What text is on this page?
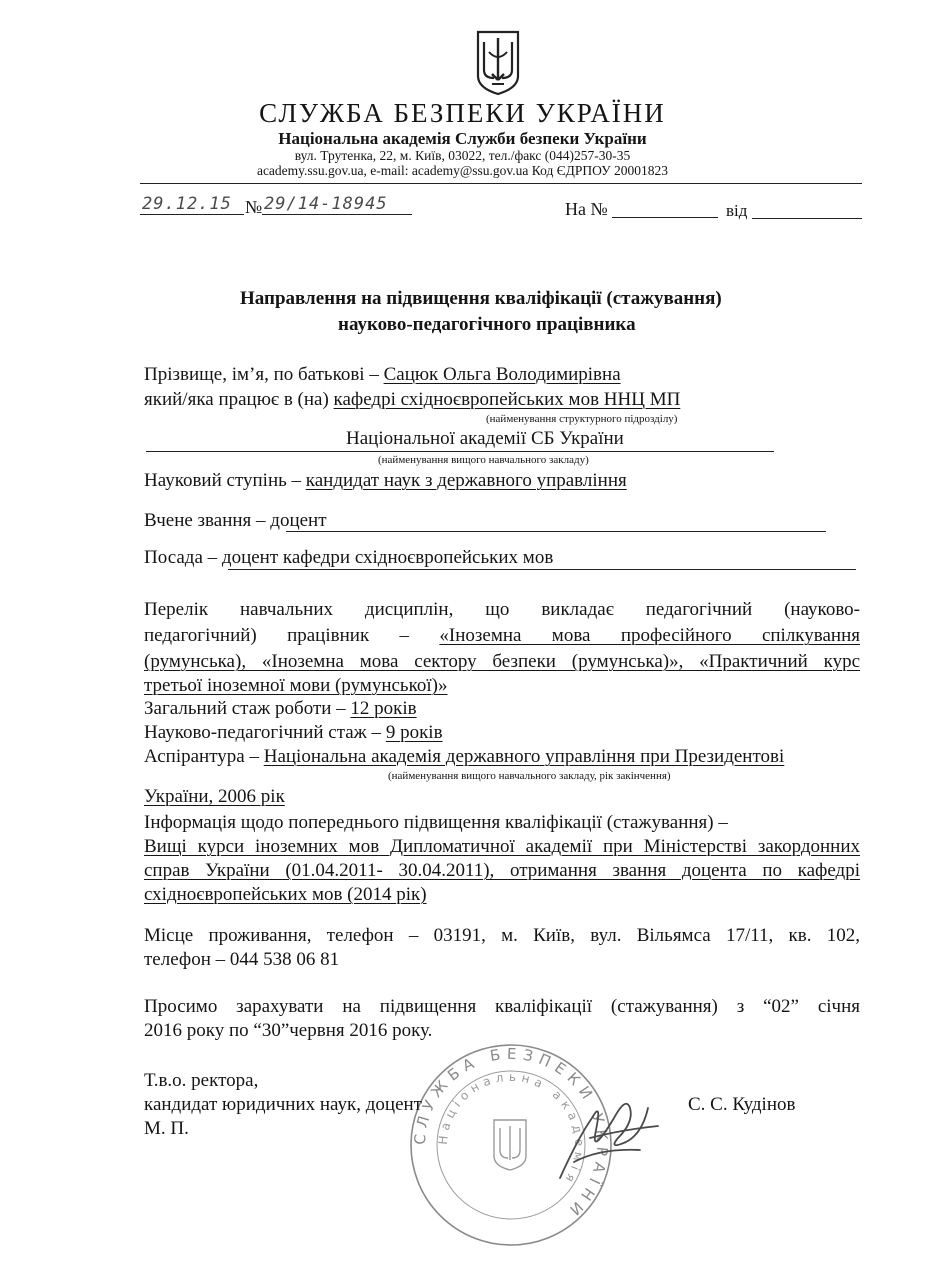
СЛУЖБА БЕЗПЕКИ УКРАЇНИ
Національна академія Служби безпеки України
вул. Трутенка, 22, м. Київ, 03022, тел./факс (044)257-30-35
academy.ssu.gov.ua, e-mail: academy@ssu.gov.ua Код ЄДРПОУ 20001823
29.12.15 № 29/14-18945	На №	від
Направлення на підвищення кваліфікації (стажування)
науково-педагогічного працівника
Прізвище, ім’я, по батькові – Сацюк Ольга Володимирівна
який/яка працює в (на) кафедрі східноєвропейських мов ННЦ МП
(найменування структурного підрозділу)
Національної академії СБ України
(найменування вищого навчального закладу)
Науковий ступінь – кандидат наук з державного управління
Вчене звання – доцент
Посада – доцент кафедри східноєвропейських мов
Перелік навчальних дисциплін, що викладає педагогічний (науково-
педагогічний) працівник – «Іноземна мова професійного спілкування
(румунська), «Іноземна мова сектору безпеки (румунська)», «Практичний курс
третьої іноземної мови (румунської)»
Загальний стаж роботи – 12 років
Науково-педагогічний стаж – 9 років
Аспірантура – Національна академія державного управління при Президентові
(найменування вищого навчального закладу, рік закінчення)
України, 2006 рік
Інформація щодо попереднього підвищення кваліфікації (стажування) –
Вищі курси іноземних мов Дипломатичної академії при Міністерстві закордонних
справ України (01.04.2011- 30.04.2011), отримання звання доцента по кафедрі
східноєвропейських мов (2014 рік)
Місце проживання, телефон – 03191, м. Київ, вул. Вільямса 17/11, кв. 102,
телефон – 044 538 06 81
Просимо зарахувати на підвищення кваліфікації (стажування) з “02” січня
2016 року по “30”червня 2016 року.
СЛУЖБА БЕЗПЕКИ УКРАЇНИ
Національна академія
Т.в.о. ректора,
кандидат юридичних наук, доцент
М. П.
С. С. Кудінов
